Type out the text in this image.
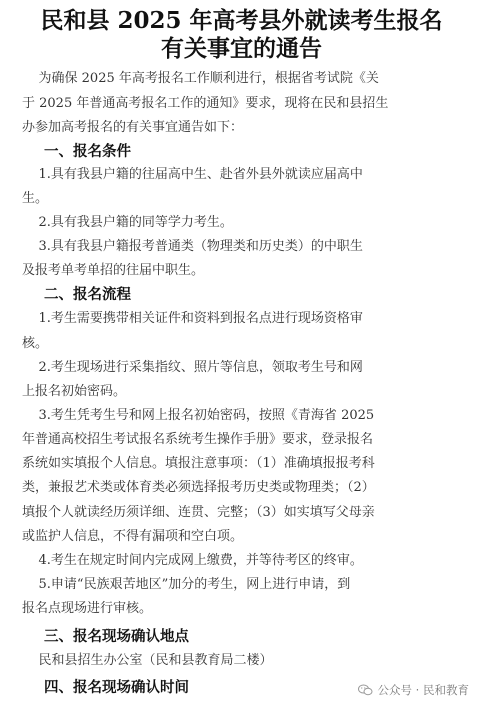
民和县 2025 年高考县外就读考生报名
有关事宜的通告
为确保 2025 年高考报名工作顺利进行，根据省考试院《关
于 2025 年普通高考报名工作的通知》要求，现将在民和县招生
办参加高考报名的有关事宜通告如下：
一、报名条件
1.具有我县户籍的往届高中生、赴省外县外就读应届高中
生。
2.具有我县户籍的同等学力考生。
3.具有我县户籍报考普通类（物理类和历史类）的中职生
及报考单考单招的往届中职生。
二、报名流程
1.考生需要携带相关证件和资料到报名点进行现场资格审
核。
2.考生现场进行采集指纹、照片等信息，领取考生号和网
上报名初始密码。
3.考生凭考生号和网上报名初始密码，按照《青海省 2025
年普通高校招生考试报名系统考生操作手册》要求，登录报名
系统如实填报个人信息。填报注意事项：（1）准确填报报考科
类，兼报艺术类或体育类必须选择报考历史类或物理类；（2）
填报个人就读经历须详细、连贯、完整；（3）如实填写父母亲
或监护人信息，不得有漏项和空白项。
4.考生在规定时间内完成网上缴费，并等待考区的终审。
5.申请“民族艰苦地区”加分的考生，网上进行申请，到
报名点现场进行审核。
三、报名现场确认地点
民和县招生办公室（民和县教育局二楼）
四、报名现场确认时间	公众号 · 民和教育
